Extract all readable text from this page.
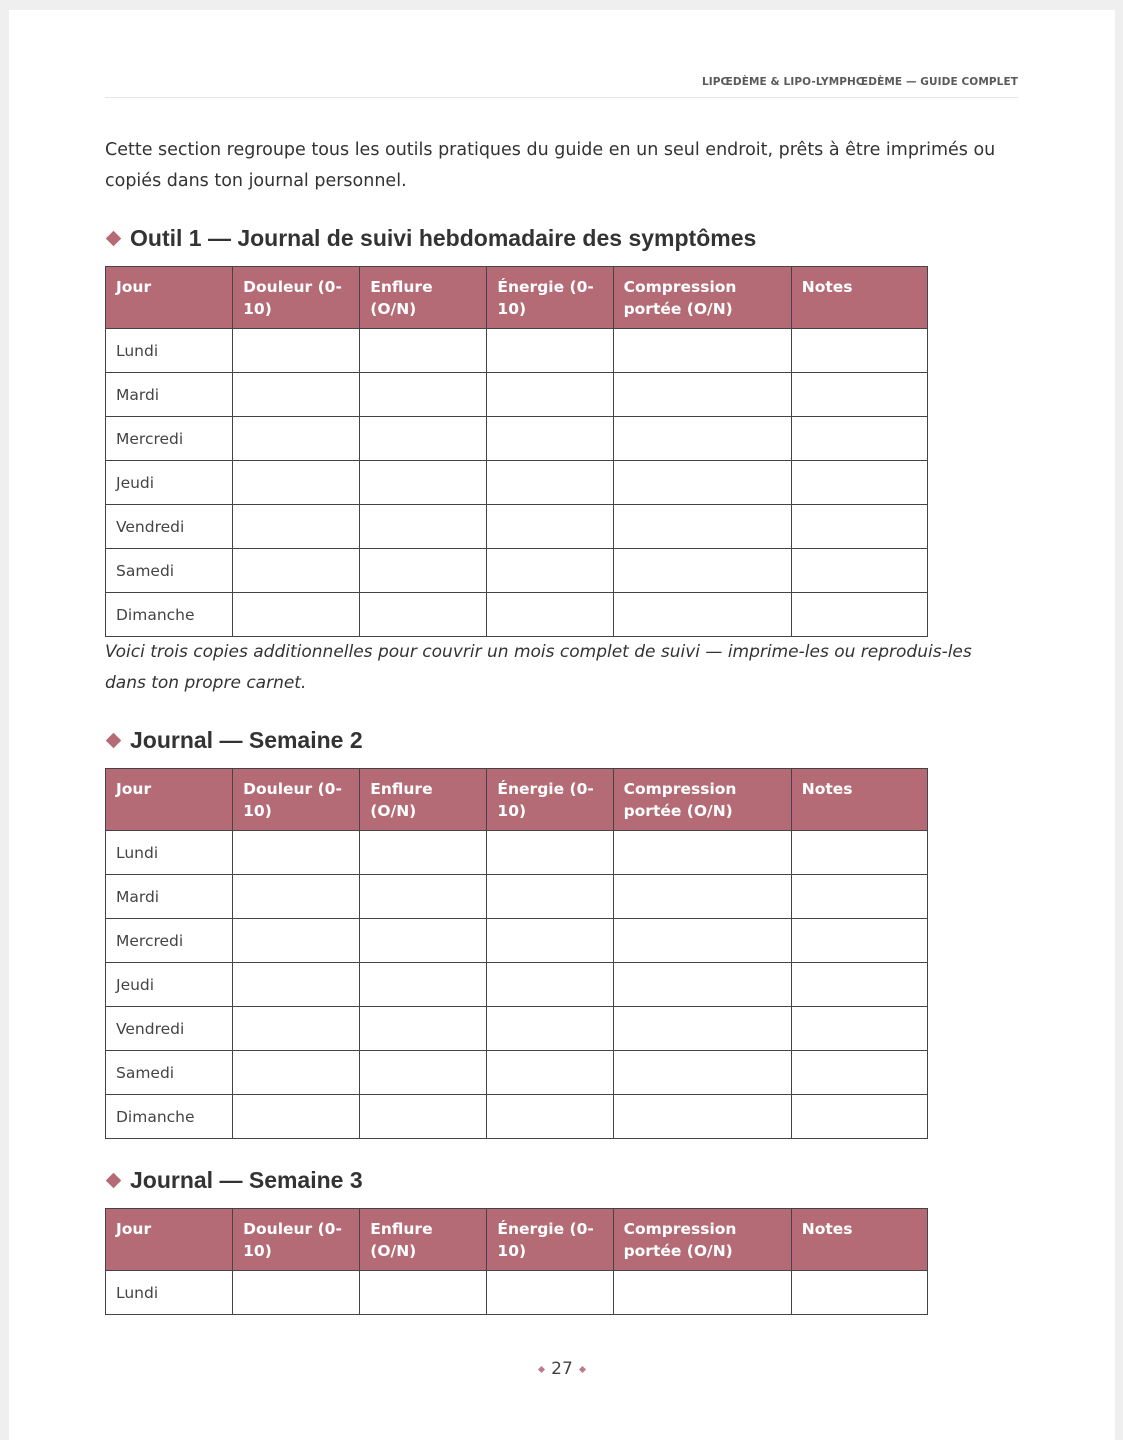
LIPŒDÈME & LIPO-LYMPHŒDÈME — GUIDE COMPLET
Cette section regroupe tous les outils pratiques du guide en un seul endroit, prêts à être imprimés ou copiés dans ton journal personnel.
Outil 1 — Journal de suivi hebdomadaire des symptômes
Jour	Douleur (0-10)	Enflure (O/N)	Énergie (0-10)	Compression portée (O/N)	Notes
Lundi					
Mardi					
Mercredi					
Jeudi					
Vendredi					
Samedi					
Dimanche					
Voici trois copies additionnelles pour couvrir un mois complet de suivi — imprime-les ou reproduis-les dans ton propre carnet.
Journal — Semaine 2
Jour	Douleur (0-10)	Enflure (O/N)	Énergie (0-10)	Compression portée (O/N)	Notes
Lundi					
Mardi					
Mercredi					
Jeudi					
Vendredi					
Samedi					
Dimanche					
Journal — Semaine 3
Jour	Douleur (0-10)	Enflure (O/N)	Énergie (0-10)	Compression portée (O/N)	Notes
Lundi					
27
